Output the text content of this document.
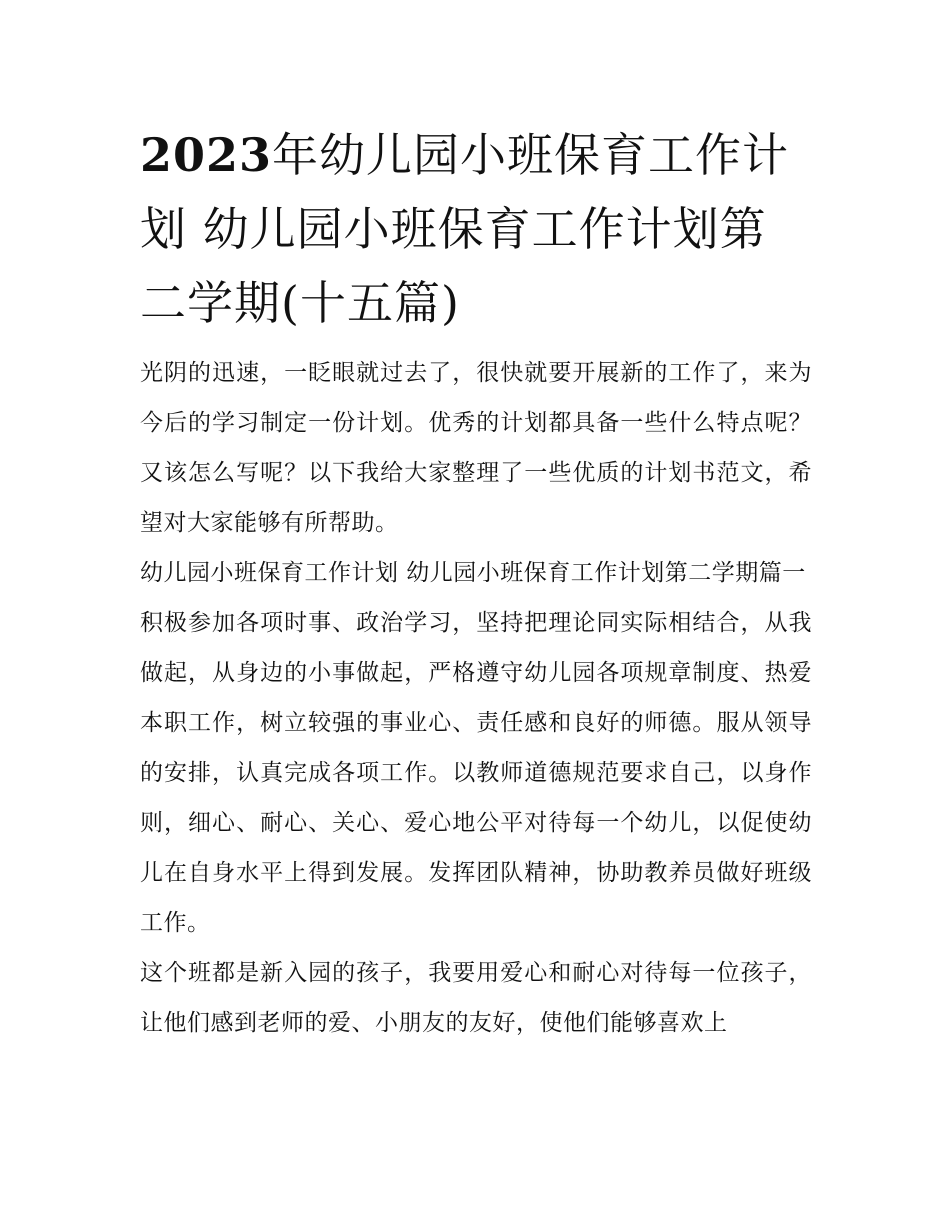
2023年幼儿园小班保育工作计划 幼儿园小班保育工作计划第二学期(十五篇)

光阴的迅速，一眨眼就过去了，很快就要开展新的工作了，来为今后的学习制定一份计划。优秀的计划都具备一些什么特点呢？又该怎么写呢？以下我给大家整理了一些优质的计划书范文，希望对大家能够有所帮助。

幼儿园小班保育工作计划 幼儿园小班保育工作计划第二学期篇一

积极参加各项时事、政治学习，坚持把理论同实际相结合，从我做起，从身边的小事做起，严格遵守幼儿园各项规章制度、热爱本职工作，树立较强的事业心、责任感和良好的师德。服从领导的安排，认真完成各项工作。以教师道德规范要求自己，以身作则，细心、耐心、关心、爱心地公平对待每一个幼儿，以促使幼儿在自身水平上得到发展。发挥团队精神，协助教养员做好班级工作。

这个班都是新入园的孩子，我要用爱心和耐心对待每一位孩子，让他们感到老师的爱、小朋友的友好，使他们能够喜欢上
